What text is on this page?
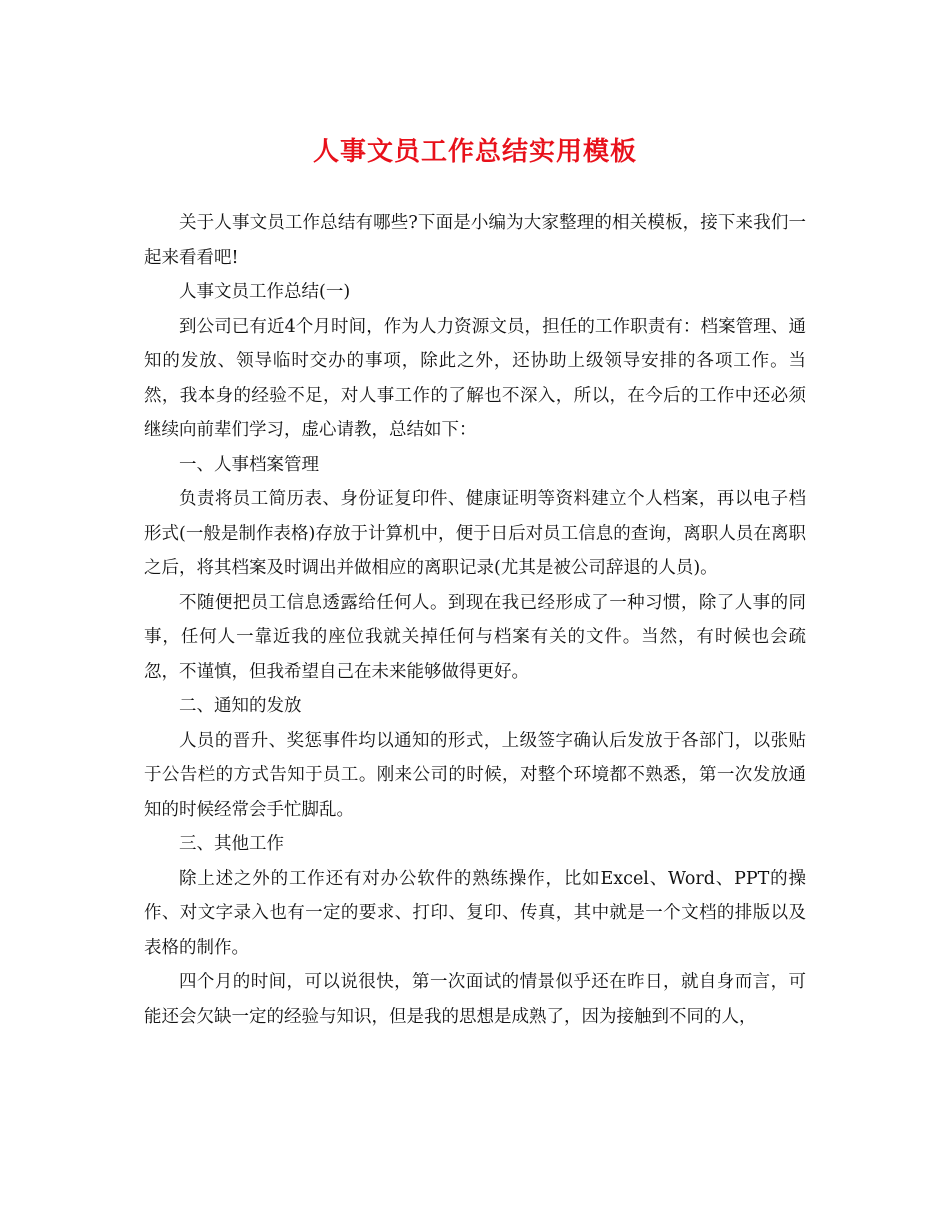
人事文员工作总结实用模板

关于人事文员工作总结有哪些?下面是小编为大家整理的相关模板，接下来我们一起来看看吧!

人事文员工作总结(一)

到公司已有近4个月时间，作为人力资源文员，担任的工作职责有：档案管理、通知的发放、领导临时交办的事项，除此之外，还协助上级领导安排的各项工作。当然，我本身的经验不足，对人事工作的了解也不深入，所以，在今后的工作中还必须继续向前辈们学习，虚心请教，总结如下：

一、人事档案管理

负责将员工简历表、身份证复印件、健康证明等资料建立个人档案，再以电子档形式(一般是制作表格)存放于计算机中，便于日后对员工信息的查询，离职人员在离职之后，将其档案及时调出并做相应的离职记录(尤其是被公司辞退的人员)。

不随便把员工信息透露给任何人。到现在我已经形成了一种习惯，除了人事的同事，任何人一靠近我的座位我就关掉任何与档案有关的文件。当然，有时候也会疏忽，不谨慎，但我希望自己在未来能够做得更好。

二、通知的发放

人员的晋升、奖惩事件均以通知的形式，上级签字确认后发放于各部门，以张贴于公告栏的方式告知于员工。刚来公司的时候，对整个环境都不熟悉，第一次发放通知的时候经常会手忙脚乱。

三、其他工作

除上述之外的工作还有对办公软件的熟练操作，比如Excel、Word、PPT的操作、对文字录入也有一定的要求、打印、复印、传真，其中就是一个文档的排版以及表格的制作。

四个月的时间，可以说很快，第一次面试的情景似乎还在昨日，就自身而言，可能还会欠缺一定的经验与知识，但是我的思想是成熟了，因为接触到不同的人，
